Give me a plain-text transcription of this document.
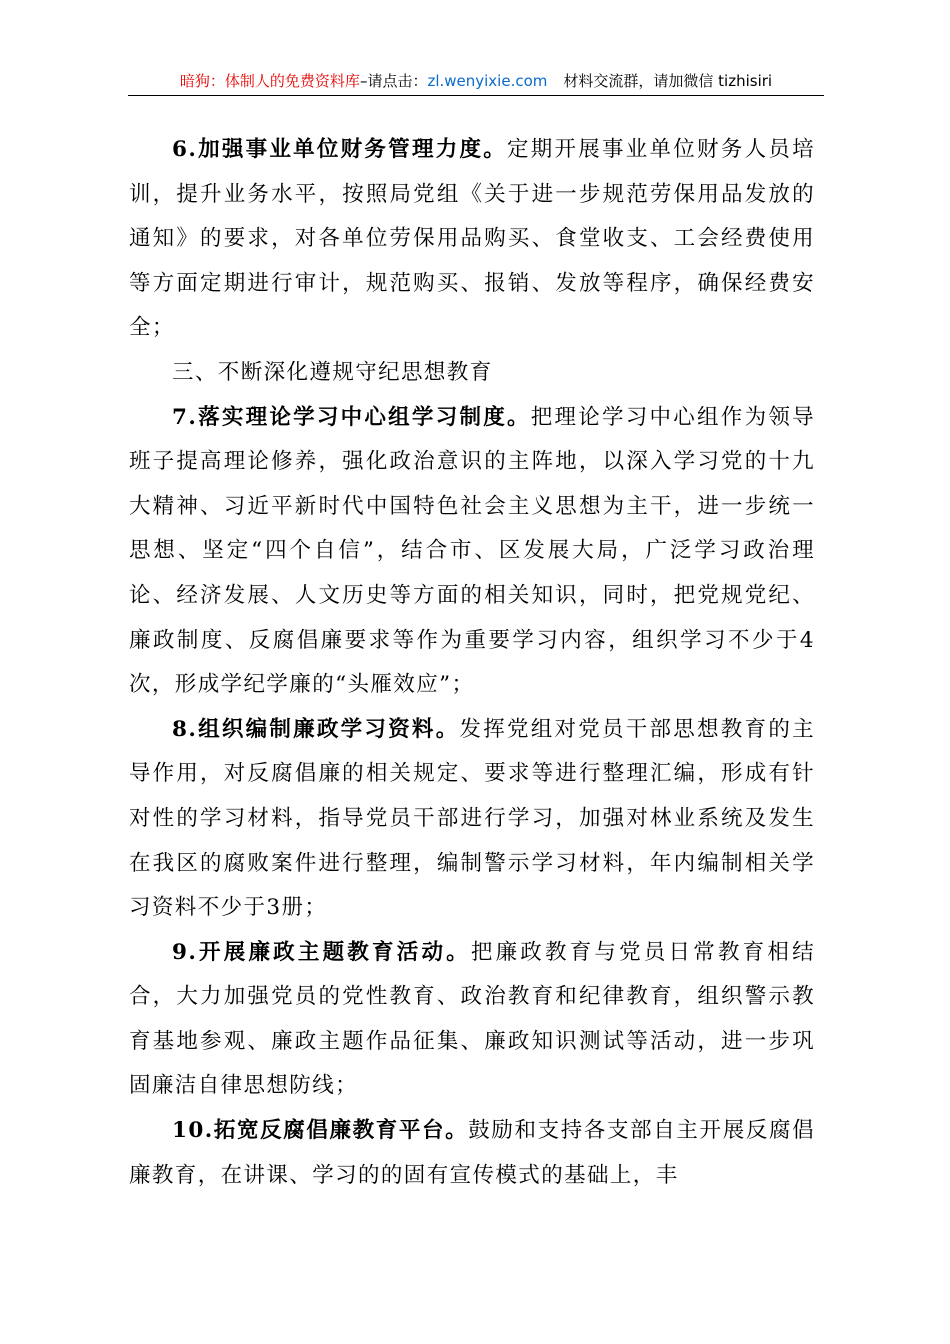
暗狗：体制人的免费资料库–请点击：zl.wenyixie.com 材料交流群，请加微信 tizhisiri

6.加强事业单位财务管理力度。定期开展事业单位财务人员培训，提升业务水平，按照局党组《关于进一步规范劳保用品发放的通知》的要求，对各单位劳保用品购买、食堂收支、工会经费使用等方面定期进行审计，规范购买、报销、发放等程序，确保经费安全；

三、不断深化遵规守纪思想教育

7.落实理论学习中心组学习制度。把理论学习中心组作为领导班子提高理论修养，强化政治意识的主阵地，以深入学习党的十九大精神、习近平新时代中国特色社会主义思想为主干，进一步统一思想、坚定“四个自信”，结合市、区发展大局，广泛学习政治理论、经济发展、人文历史等方面的相关知识，同时，把党规党纪、廉政制度、反腐倡廉要求等作为重要学习内容，组织学习不少于4次，形成学纪学廉的“头雁效应”；

8.组织编制廉政学习资料。发挥党组对党员干部思想教育的主导作用，对反腐倡廉的相关规定、要求等进行整理汇编，形成有针对性的学习材料，指导党员干部进行学习，加强对林业系统及发生在我区的腐败案件进行整理，编制警示学习材料，年内编制相关学习资料不少于3册；

9.开展廉政主题教育活动。把廉政教育与党员日常教育相结合，大力加强党员的党性教育、政治教育和纪律教育，组织警示教育基地参观、廉政主题作品征集、廉政知识测试等活动，进一步巩固廉洁自律思想防线；

10.拓宽反腐倡廉教育平台。鼓励和支持各支部自主开展反腐倡廉教育，在讲课、学习的的固有宣传模式的基础上，丰
